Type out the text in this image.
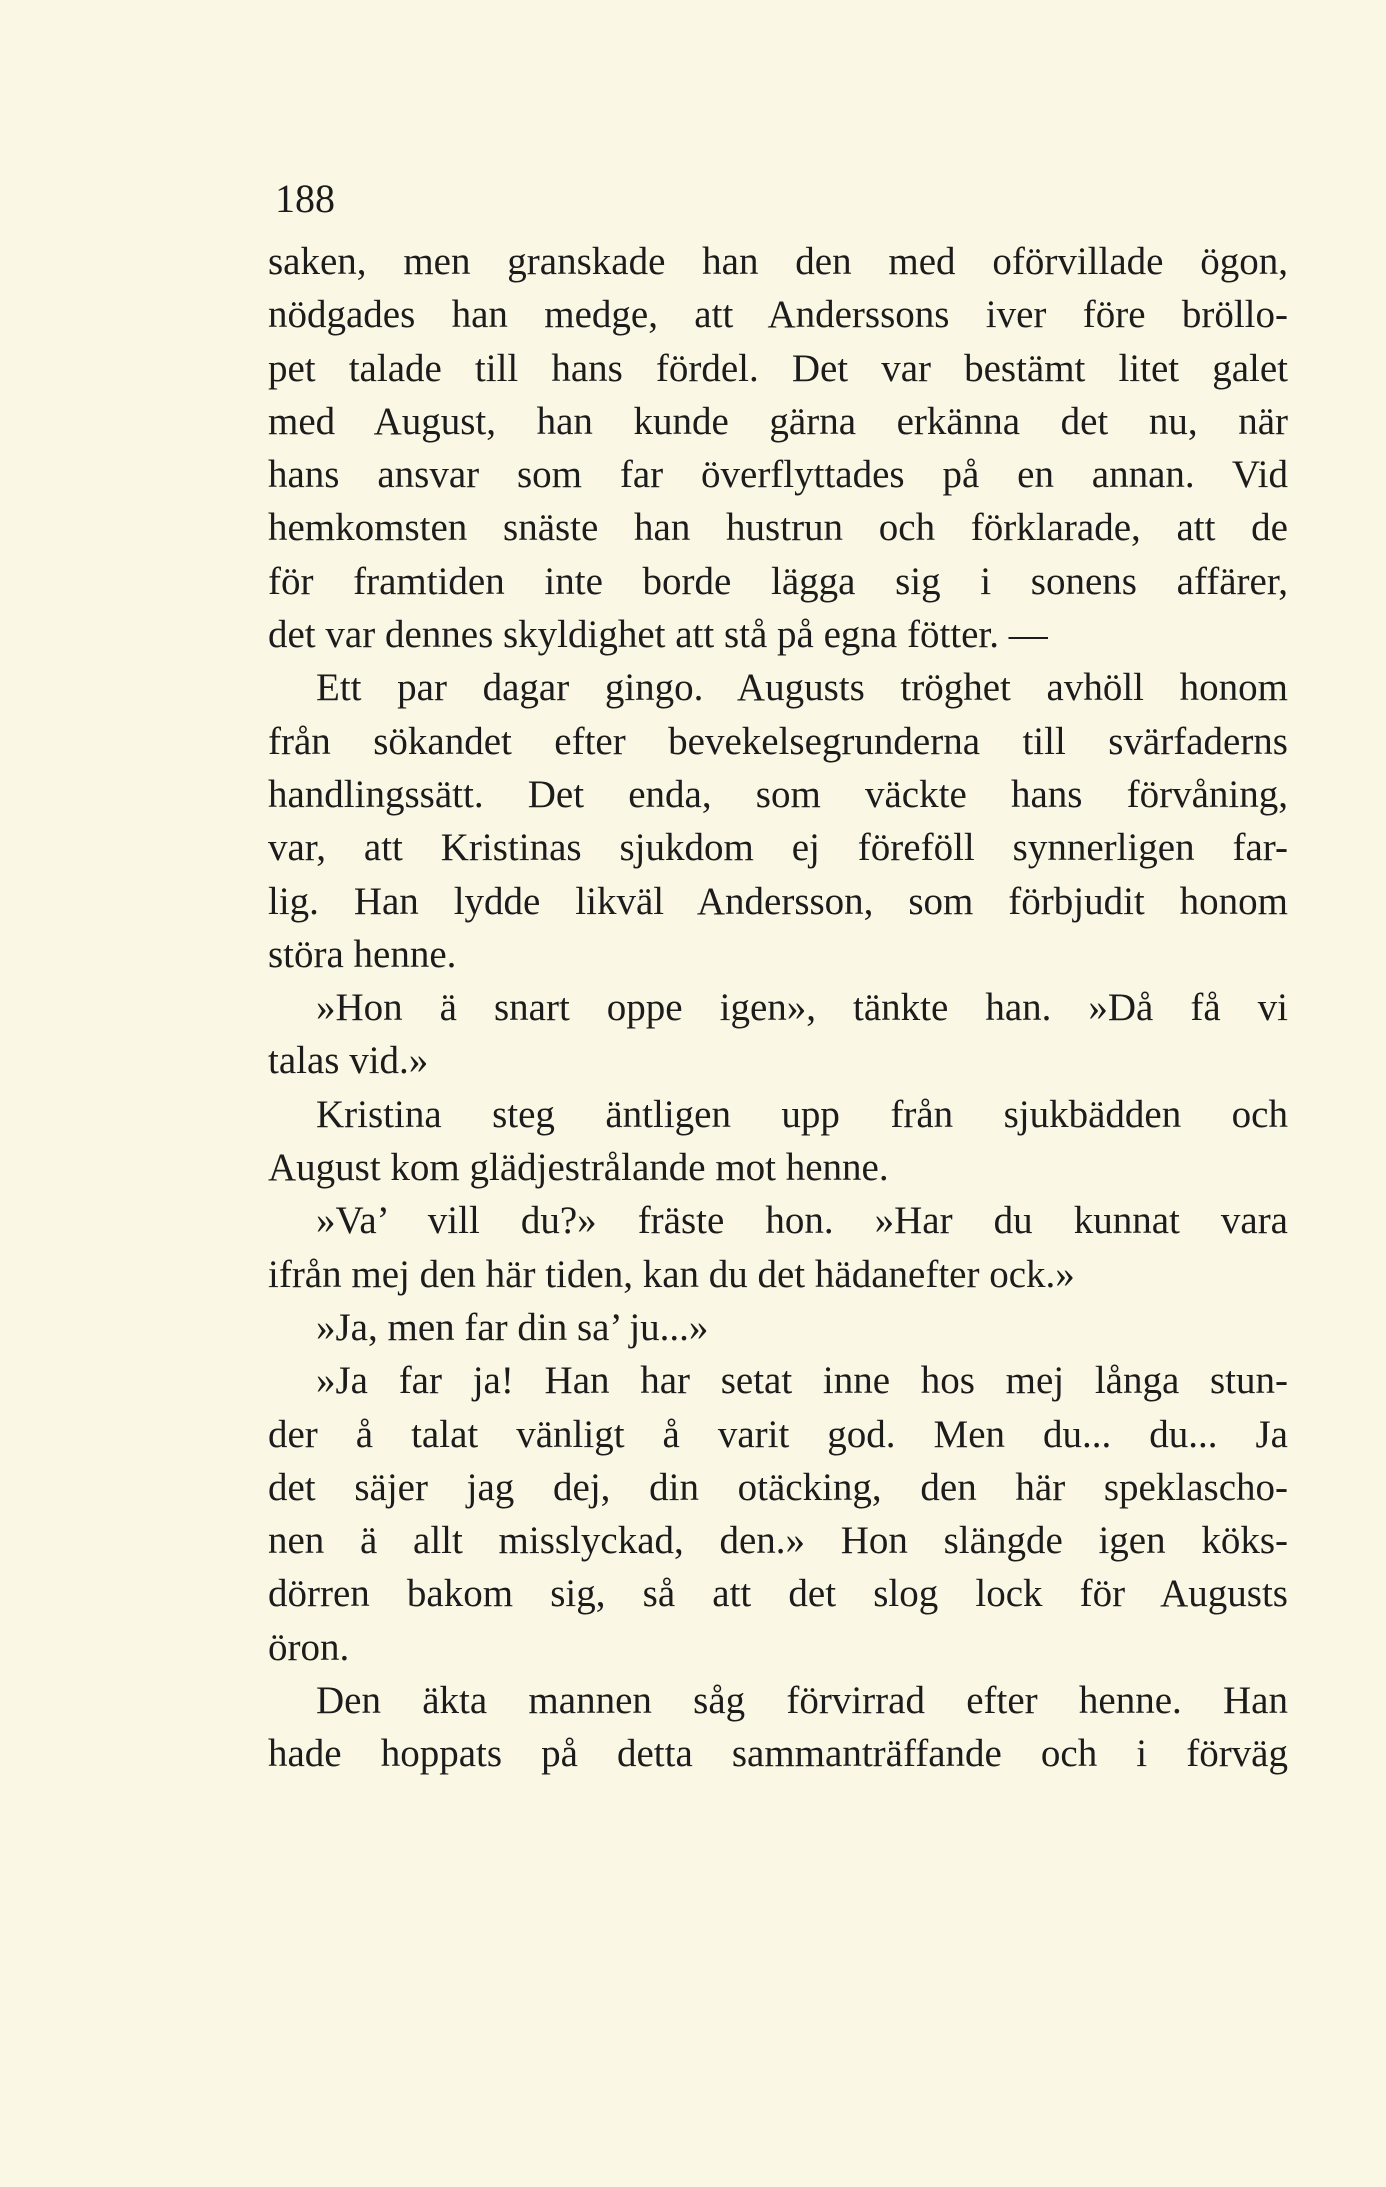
188
saken, men granskade han den med oförvillade ögon,
nödgades han medge, att Anderssons iver före bröllo-
pet talade till hans fördel. Det var bestämt litet galet
med August, han kunde gärna erkänna det nu, när
hans ansvar som far överflyttades på en annan. Vid
hemkomsten snäste han hustrun och förklarade, att de
för framtiden inte borde lägga sig i sonens affärer,
det var dennes skyldighet att stå på egna fötter. —
Ett par dagar gingo. Augusts tröghet avhöll honom
från sökandet efter bevekelsegrunderna till svärfaderns
handlingssätt. Det enda, som väckte hans förvåning,
var, att Kristinas sjukdom ej föreföll synnerligen far-
lig. Han lydde likväl Andersson, som förbjudit honom
störa henne.
»Hon ä snart oppe igen», tänkte han. »Då få vi
talas vid.»
Kristina steg äntligen upp från sjukbädden och
August kom glädjestrålande mot henne.
»Va’ vill du?» fräste hon. »Har du kunnat vara
ifrån mej den här tiden, kan du det hädanefter ock.»
»Ja, men far din sa’ ju...»
»Ja far ja! Han har setat inne hos mej långa stun-
der å talat vänligt å varit god. Men du... du... Ja
det säjer jag dej, din otäcking, den här speklascho-
nen ä allt misslyckad, den.» Hon slängde igen köks-
dörren bakom sig, så att det slog lock för Augusts
öron.
Den äkta mannen såg förvirrad efter henne. Han
hade hoppats på detta sammanträffande och i förväg
